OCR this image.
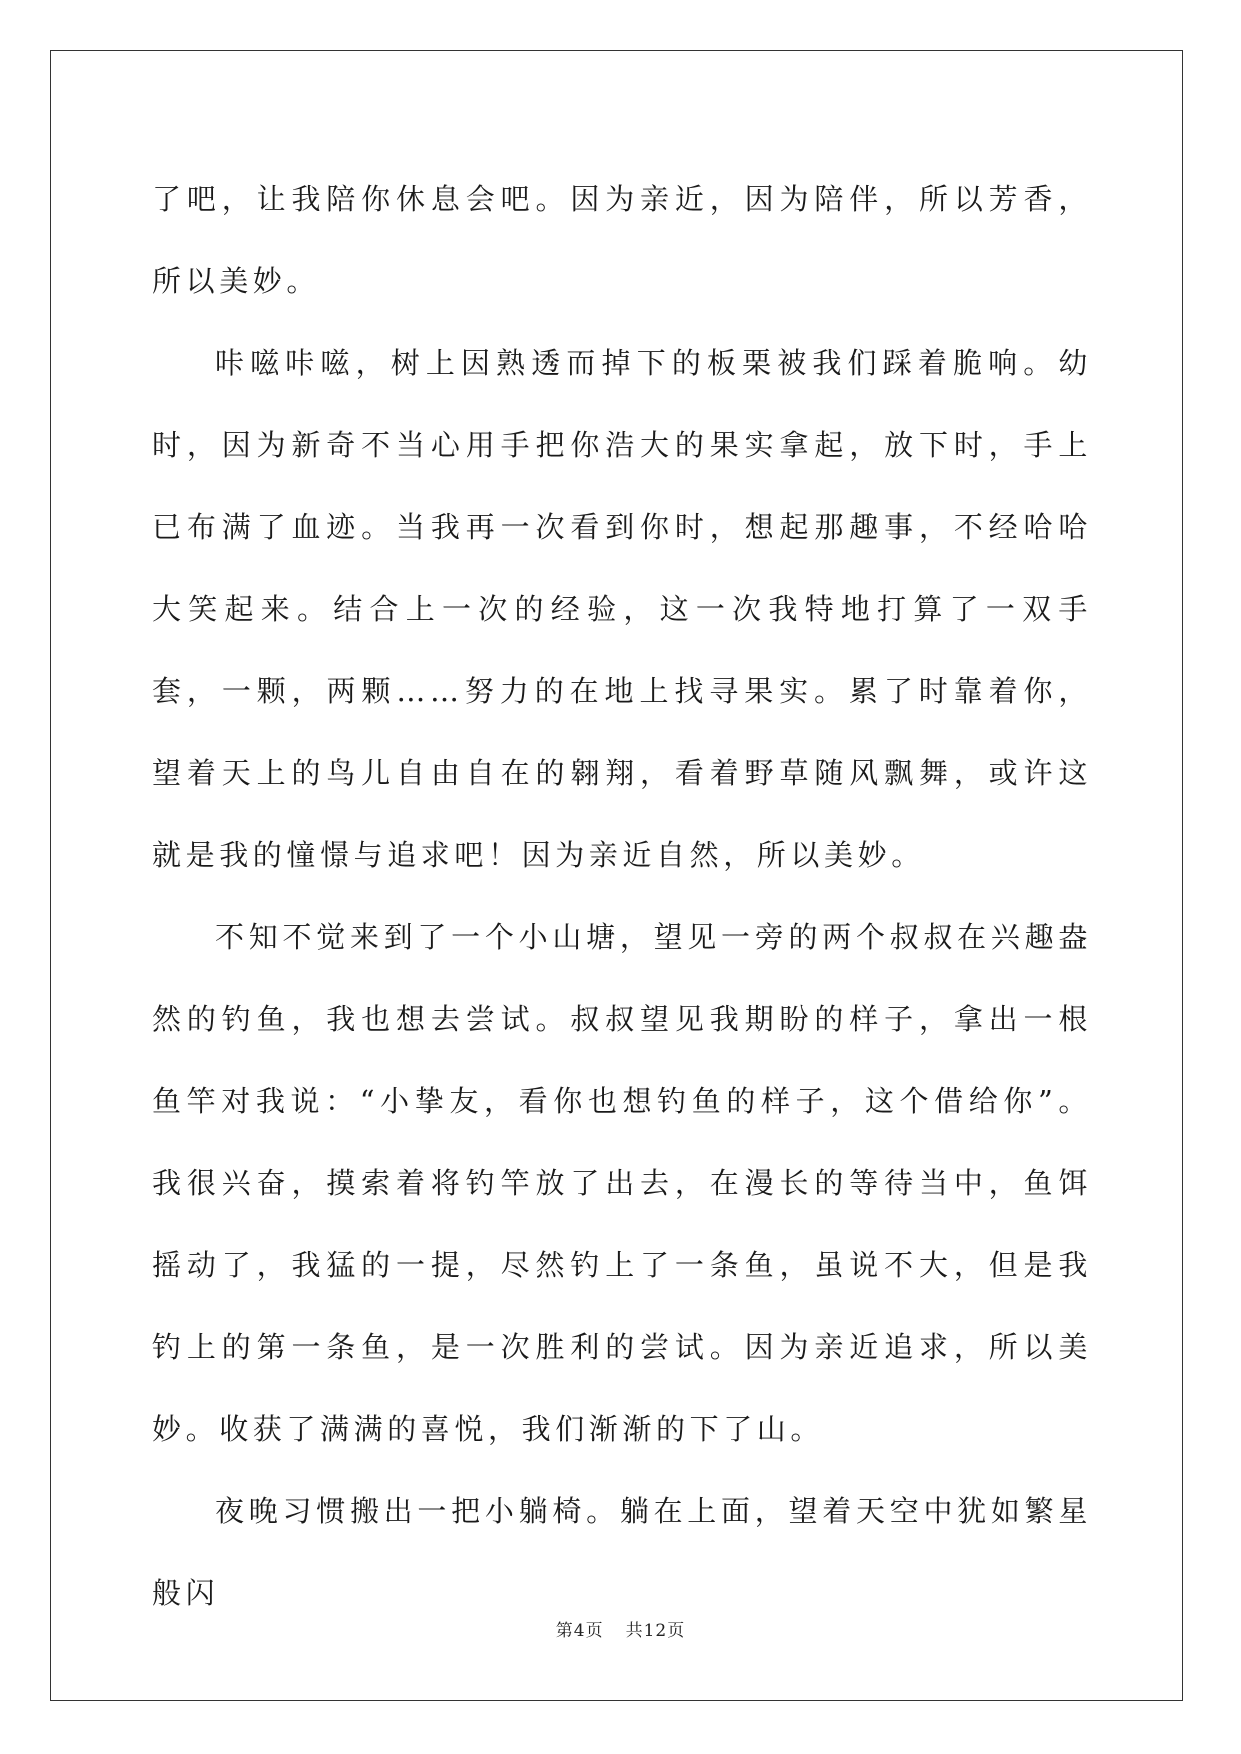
了吧，让我陪你休息会吧。因为亲近，因为陪伴，所以芳香，所以美妙。

咔嗞咔嗞，树上因熟透而掉下的板栗被我们踩着脆响。幼时，因为新奇不当心用手把你浩大的果实拿起，放下时，手上已布满了血迹。当我再一次看到你时，想起那趣事，不经哈哈大笑起来。结合上一次的经验，这一次我特地打算了一双手套，一颗，两颗……努力的在地上找寻果实。累了时靠着你，望着天上的鸟儿自由自在的翱翔，看着野草随风飘舞，或许这就是我的憧憬与追求吧！因为亲近自然，所以美妙。

不知不觉来到了一个小山塘，望见一旁的两个叔叔在兴趣盎然的钓鱼，我也想去尝试。叔叔望见我期盼的样子，拿出一根鱼竿对我说：“小挚友，看你也想钓鱼的样子，这个借给你”。我很兴奋，摸索着将钓竿放了出去，在漫长的等待当中，鱼饵摇动了，我猛的一提，尽然钓上了一条鱼，虽说不大，但是我钓上的第一条鱼，是一次胜利的尝试。因为亲近追求，所以美妙。收获了满满的喜悦，我们渐渐的下了山。

夜晚习惯搬出一把小躺椅。躺在上面，望着天空中犹如繁星般闪

第4页 共12页
